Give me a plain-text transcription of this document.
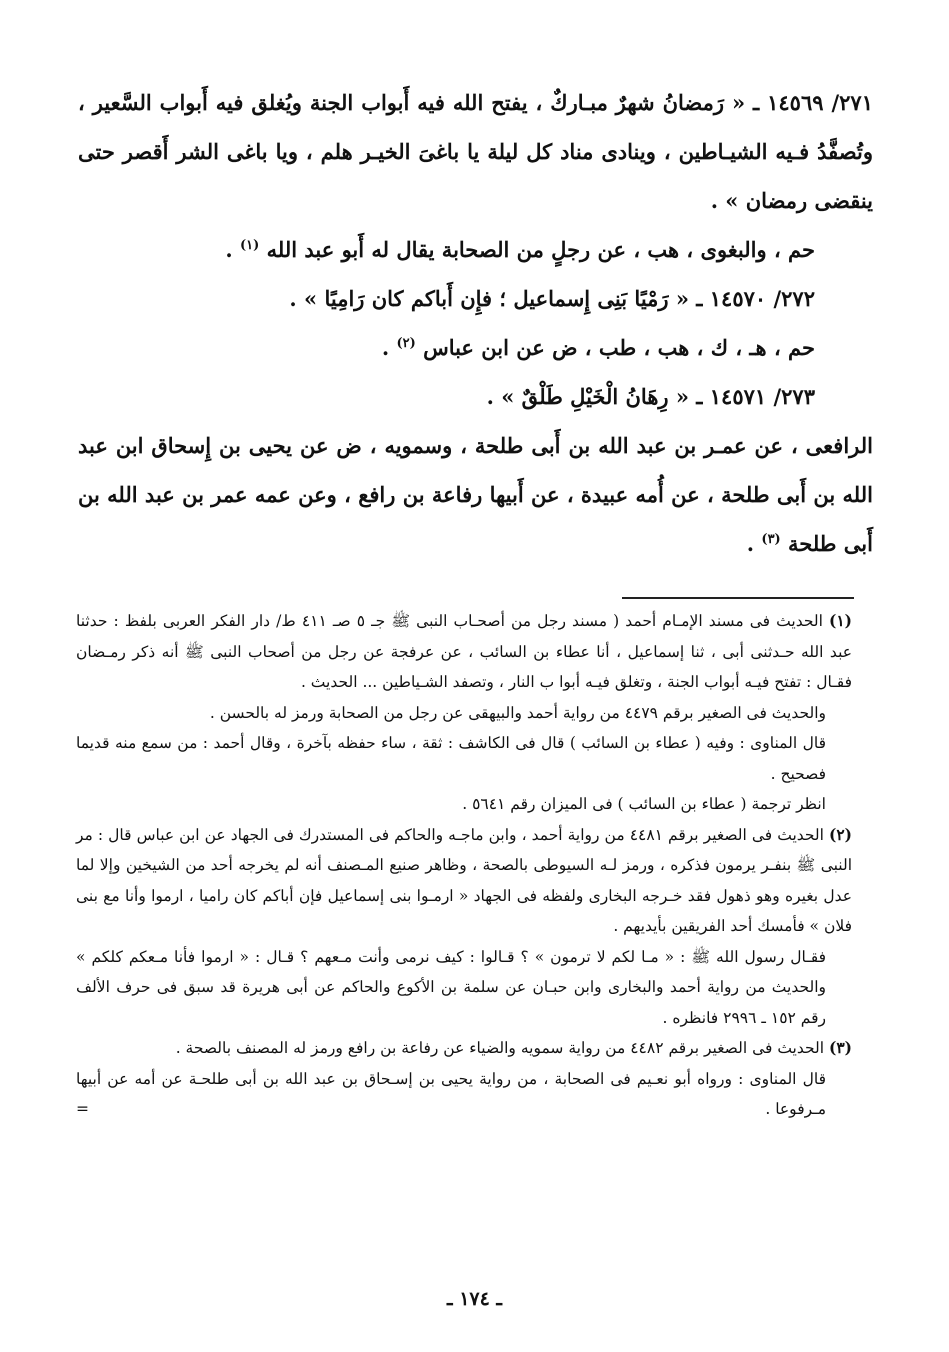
٢٧١/ ١٤٥٦٩ ـ « رَمضانُ شهرٌ مبـاركٌ ، يفتح الله فيه أَبواب الجنة ويُغلق فيه أَبواب السَّعير ، وتُصفَّدُ فـيه الشيـاطين ، وينادى مناد كل ليلة يا باغىَ الخيـر هلم ، ويا باغى الشر أَقصر حتى ينقضى رمضان » .

حم ، والبغوى ، هب ، عن رجلٍ من الصحابة يقال له أَبو عبد الله $^{(١)}$ .

٢٧٢/ ١٤٥٧٠ ـ « رَمْيًا بَنِى إِسماعيل ؛ فإِن أَباكم كان رَامِيًا » .

حم ، هـ ، ك ، هب ، طب ، ض عن ابن عباس $^{(٢)}$ .

٢٧٣/ ١٤٥٧١ ـ « رِهَانُ الْخَيْلِ طَلْقٌ » .

الرافعى ، عن عمـر بن عبد الله بن أَبى طلحة ، وسمويه ، ض عن يحيى بن إِسحاق ابن عبد الله بن أَبى طلحة ، عن أُمه عبيدة ، عن أَبيها رفاعة بن رافع ، وعن عمه عمر بن عبد الله بن أَبى طلحة $^{(٣)}$ .

(١) الحديث فى مسند الإمـام أحمد ( مسند رجل من أصحـاب النبى ﷺ جـ ٥ صـ ٤١١ ط/ دار الفكر العربى بلفظ : حدثنا عبد الله حـدثنى أبى ، ثنا إسماعيل ، أنا عطاء بن السائب ، عن عرفجة عن رجل من أصحاب النبى ﷺ أنه ذكر رمـضان فقـال : تفتح فيـه أبواب الجنة ، وتغلق فيـه أبوا ب النار ، وتصفد الشـياطين ... الحديث .

والحديث فى الصغير برقم ٤٤٧٩ من رواية أحمد والبيهقى عن رجل من الصحابة ورمز له بالحسن .

قال المناوى : وفيه ( عطاء بن السائب ) قال فى الكاشف : ثقة ، ساء حفظه بآخرة ، وقال أحمد : من سمع منه قديما فصحيح .

انظر ترجمة ( عطاء بن السائب ) فى الميزان رقم ٥٦٤١ .

(٢) الحديث فى الصغير برقم ٤٤٨١ من رواية أحمد ، وابن ماجـه والحاكم فى المستدرك فى الجهاد عن ابن عباس قال : مر النبى ﷺ بنفـر يرمون فذكره ، ورمز لـه السيوطى بالصحة ، وظاهر صنيع المـصنف أنه لم يخرجه أحد من الشيخين وإلا لما عدل بغيره وهو ذهول فقد خـرجه البخارى ولفظه فى الجهاد « ارمـوا بنى إسماعيل فإن أباكم كان راميا ، ارموا وأنا مع بنى فلان » فأمسك أحد الفريقين بأيديهم .

فقـال رسول الله ﷺ : « مـا لكم لا ترمون » ؟ قـالوا : كيف نرمى وأنت مـعهم ؟ قـال : « ارموا فأنا مـعكم كلكم » والحديث من رواية أحمد والبخارى وابن حبـان عن سلمة بن الأكوع والحاكم عن أبى هريرة قد سبق فى حرف الألف رقم ١٥٢ ـ ٢٩٩٦ فانظره .

(٣) الحديث فى الصغير برقم ٤٤٨٢ من رواية سمويه والضياء عن رفاعة بن رافع ورمز له المصنف بالصحة .

قال المناوى : ورواه أبو نعـيم فى الصحابة ، من رواية يحيى بن إسـحاق بن عبد الله بن أبى طلحـة عن أمه عن أبيها مـرفوعا .
=

ـ ١٧٤ ـ
